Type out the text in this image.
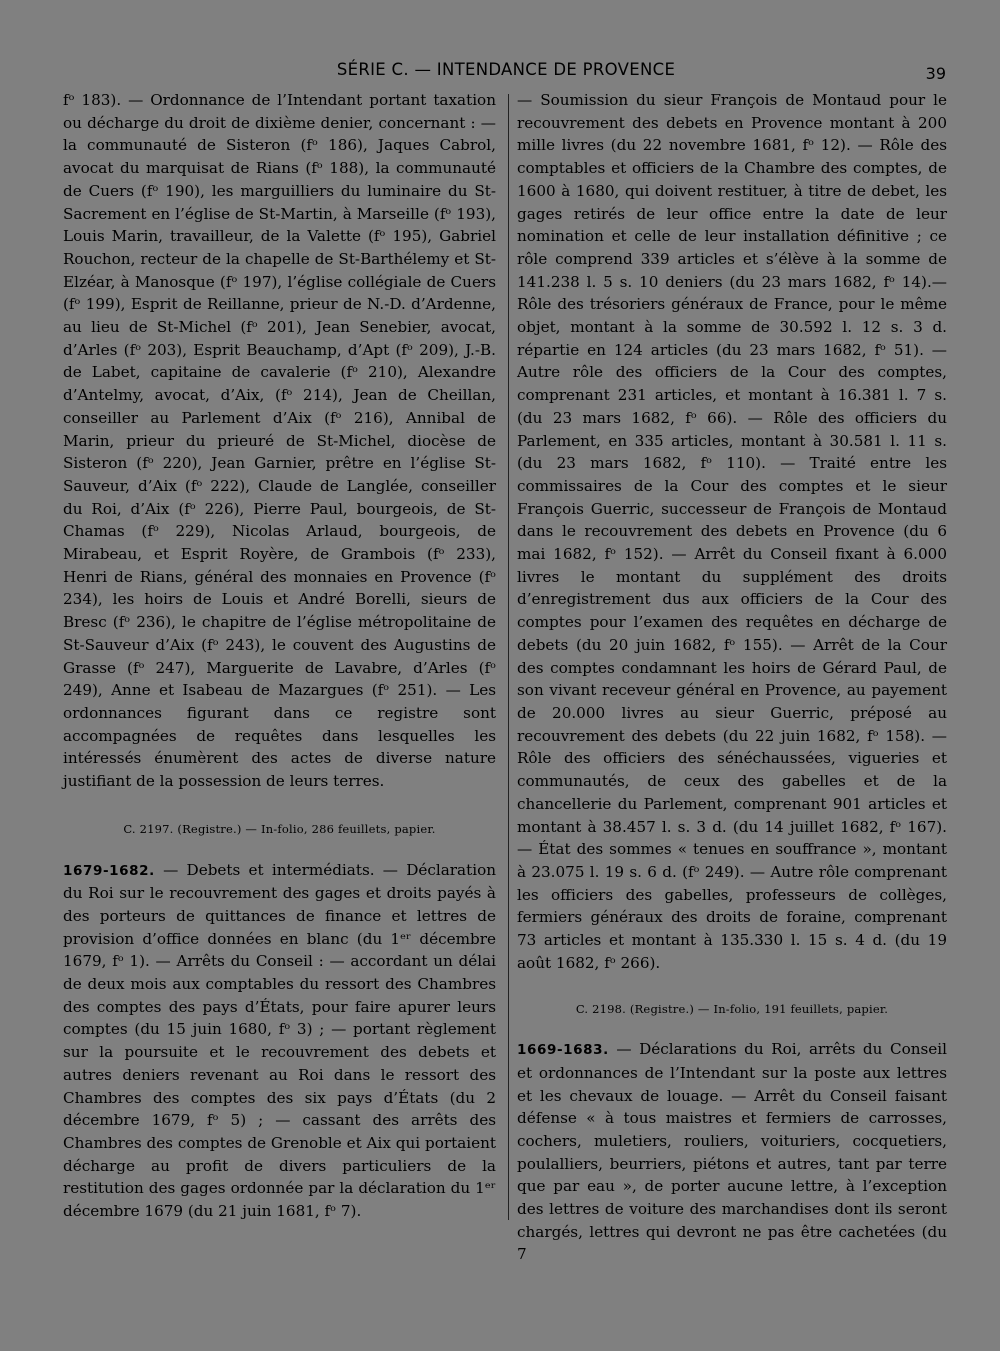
SÉRIE C. — INTENDANCE DE PROVENCE	39

fᵒ 183). — Ordonnance de l’Intendant portant taxation ou décharge du droit de dixième denier, concernant : — la communauté de Sisteron (fᵒ 186), Jaques Cabrol, avocat du marquisat de Rians (fᵒ 188), la communauté de Cuers (fᵒ 190), les marguilliers du luminaire du St-Sacrement en l’église de St-Martin, à Marseille (fᵒ 193), Louis Marin, travailleur, de la Valette (fᵒ 195), Gabriel Rouchon, recteur de la chapelle de St-Barthélemy et St-Elzéar, à Manosque (fᵒ 197), l’église collégiale de Cuers (fᵒ 199), Esprit de Reillanne, prieur de N.-D. d’Ardenne, au lieu de St-Michel (fᵒ 201), Jean Senebier, avocat, d’Arles (fᵒ 203), Esprit Beauchamp, d’Apt (fᵒ 209), J.-B. de Labet, capitaine de cavalerie (fᵒ 210), Alexandre d’Antelmy, avocat, d’Aix, (fᵒ 214), Jean de Cheillan, conseiller au Parlement d’Aix (fᵒ 216), Annibal de Marin, prieur du prieuré de St-Michel, diocèse de Sisteron (fᵒ 220), Jean Garnier, prêtre en l’église St-Sauveur, d’Aix (fᵒ 222), Claude de Langlée, conseiller du Roi, d’Aix (fᵒ 226), Pierre Paul, bourgeois, de St-Chamas (fᵒ 229), Nicolas Arlaud, bourgeois, de Mirabeau, et Esprit Royère, de Grambois (fᵒ 233), Henri de Rians, général des monnaies en Provence (fᵒ 234), les hoirs de Louis et André Borelli, sieurs de Bresc (fᵒ 236), le chapitre de l’église métropolitaine de St-Sauveur d’Aix (fᵒ 243), le couvent des Augustins de Grasse (fᵒ 247), Marguerite de Lavabre, d’Arles (fᵒ 249), Anne et Isabeau de Mazargues (fᵒ 251). — Les ordonnances figurant dans ce registre sont accompagnées de requêtes dans lesquelles les intéressés énumèrent des actes de diverse nature justifiant de la possession de leurs terres.

C. 2197. (Registre.) — In-folio, 286 feuillets, papier.

1679-1682. — Debets et intermédiats. — Déclaration du Roi sur le recouvrement des gages et droits payés à des porteurs de quittances de finance et lettres de provision d’office données en blanc (du 1ᵉʳ décembre 1679, fᵒ 1). — Arrêts du Conseil : — accordant un délai de deux mois aux comptables du ressort des Chambres des comptes des pays d’États, pour faire apurer leurs comptes (du 15 juin 1680, fᵒ 3) ; — portant règlement sur la poursuite et le recouvrement des debets et autres deniers revenant au Roi dans le ressort des Chambres des comptes des six pays d’États (du 2 décembre 1679, fᵒ 5) ; — cassant des arrêts des Chambres des comptes de Grenoble et Aix qui portaient décharge au profit de divers particuliers de la restitution des gages ordonnée par la déclaration du 1ᵉʳ décembre 1679 (du 21 juin 1681, fᵒ 7).

— Soumission du sieur François de Montaud pour le recouvrement des debets en Provence montant à 200 mille livres (du 22 novembre 1681, fᵒ 12). — Rôle des comptables et officiers de la Chambre des comptes, de 1600 à 1680, qui doivent restituer, à titre de debet, les gages retirés de leur office entre la date de leur nomination et celle de leur installation définitive ; ce rôle comprend 339 articles et s’élève à la somme de 141.238 l. 5 s. 10 deniers (du 23 mars 1682, fᵒ 14).— Rôle des trésoriers généraux de France, pour le même objet, montant à la somme de 30.592 l. 12 s. 3 d. répartie en 124 articles (du 23 mars 1682, fᵒ 51). — Autre rôle des officiers de la Cour des comptes, comprenant 231 articles, et montant à 16.381 l. 7 s. (du 23 mars 1682, fᵒ 66). — Rôle des officiers du Parlement, en 335 articles, montant à 30.581 l. 11 s. (du 23 mars 1682, fᵒ 110). — Traité entre les commissaires de la Cour des comptes et le sieur François Guerric, successeur de François de Montaud dans le recouvrement des debets en Provence (du 6 mai 1682, fᵒ 152). — Arrêt du Conseil fixant à 6.000 livres le montant du supplément des droits d’enregistrement dus aux officiers de la Cour des comptes pour l’examen des requêtes en décharge de debets (du 20 juin 1682, fᵒ 155). — Arrêt de la Cour des comptes condamnant les hoirs de Gérard Paul, de son vivant receveur général en Provence, au payement de 20.000 livres au sieur Guerric, préposé au recouvrement des debets (du 22 juin 1682, fᵒ 158). — Rôle des officiers des sénéchaussées, vigueries et communautés, de ceux des gabelles et de la chancellerie du Parlement, comprenant 901 articles et montant à 38.457 l. s. 3 d. (du 14 juillet 1682, fᵒ 167). — État des sommes « tenues en souffrance », montant à 23.075 l. 19 s. 6 d. (fᵒ 249). — Autre rôle comprenant les officiers des gabelles, professeurs de collèges, fermiers généraux des droits de foraine, comprenant 73 articles et montant à 135.330 l. 15 s. 4 d. (du 19 août 1682, fᵒ 266).

C. 2198. (Registre.) — In-folio, 191 feuillets, papier.

1669-1683. — Déclarations du Roi, arrêts du Conseil et ordonnances de l’Intendant sur la poste aux lettres et les chevaux de louage. — Arrêt du Conseil faisant défense « à tous maistres et fermiers de carrosses, cochers, muletiers, rouliers, voituriers, cocquetiers, poulalliers, beurriers, piétons et autres, tant par terre que par eau », de porter aucune lettre, à l’exception des lettres de voiture des marchandises dont ils seront chargés, lettres qui devront ne pas être cachetées (du 7
